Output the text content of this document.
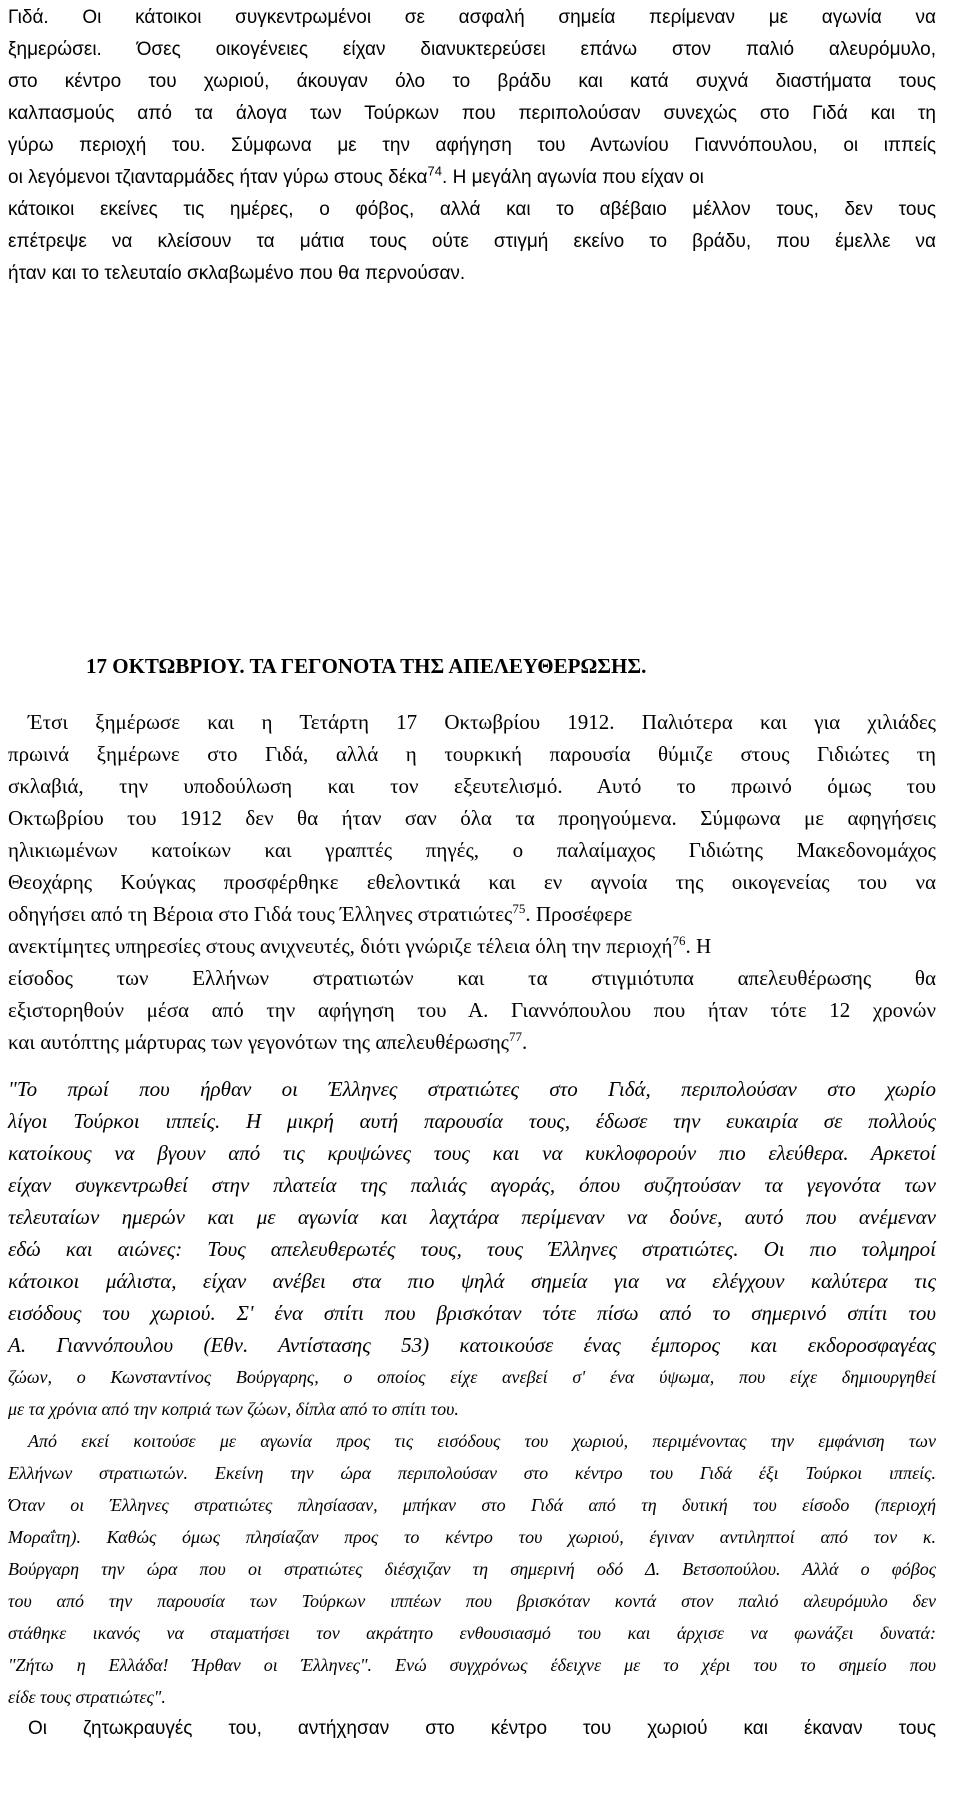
Γιδά. Οι κάτοικοι συγκεντρωμένοι σε ασφαλή σημεία περίμεναν με αγωνία να
ξημερώσει. Όσες οικογένειες είχαν διανυκτερεύσει επάνω στον παλιό αλευρόμυλο,
στο κέντρο του χωριού, άκουγαν όλο το βράδυ και κατά συχνά διαστήματα τους
καλπασμούς από τα άλογα των Τούρκων που περιπολούσαν συνεχώς στο Γιδά και τη
γύρω περιοχή του. Σύμφωνα με την αφήγηση του Αντωνίου Γιαννόπουλου, οι ιππείς
οι λεγόμενοι τζιανταρμάδες ήταν γύρω στους δέκα$^{74}$. Η μεγάλη αγωνία που είχαν οι
κάτοικοι εκείνες τις ημέρες, ο φόβος, αλλά και το αβέβαιο μέλλον τους, δεν τους
επέτρεψε να κλείσουν τα μάτια τους ούτε στιγμή εκείνο το βράδυ, που έμελλε να
ήταν και το τελευταίο σκλαβωμένο που θα περνούσαν.
17 ΟΚΤΩΒΡΙΟΥ. ΤΑ ΓΕΓΟΝΟΤΑ ΤΗΣ ΑΠΕΛΕΥΘΕΡΩΣΗΣ.
Έτσι ξημέρωσε και η Τετάρτη 17 Οκτωβρίου 1912. Παλιότερα και για χιλιάδες
πρωινά ξημέρωνε στο Γιδά, αλλά η τουρκική παρουσία θύμιζε στους Γιδιώτες τη
σκλαβιά, την υποδούλωση και τον εξευτελισμό. Αυτό το πρωινό όμως του
Οκτωβρίου του 1912 δεν θα ήταν σαν όλα τα προηγούμενα. Σύμφωνα με αφηγήσεις
ηλικιωμένων κατοίκων και γραπτές πηγές, ο παλαίμαχος Γιδιώτης Μακεδονομάχος
Θεοχάρης Κούγκας προσφέρθηκε εθελοντικά και εν αγνοία της οικογενείας του να
οδηγήσει από τη Βέροια στο Γιδά τους Έλληνες στρατιώτες$^{75}$. Προσέφερε
ανεκτίμητες υπηρεσίες στους ανιχνευτές, διότι γνώριζε τέλεια όλη την περιοχή$^{76}$. Η
είσοδος των Ελλήνων στρατιωτών και τα στιγμιότυπα απελευθέρωσης θα
εξιστορηθούν μέσα από την αφήγηση του Α. Γιαννόπουλου που ήταν τότε 12 χρονών
και αυτόπτης μάρτυρας των γεγονότων της απελευθέρωσης$^{77}$.
"Το πρωί που ήρθαν οι Έλληνες στρατιώτες στο Γιδά, περιπολούσαν στο χωρίο
λίγοι Τούρκοι ιππείς. Η μικρή αυτή παρουσία τους, έδωσε την ευκαιρία σε πολλούς
κατοίκους να βγουν από τις κρυψώνες τους και να κυκλοφορούν πιο ελεύθερα. Αρκετοί
είχαν συγκεντρωθεί στην πλατεία της παλιάς αγοράς, όπου συζητούσαν τα γεγονότα των
τελευταίων ημερών και με αγωνία και λαχτάρα περίμεναν να δούνε, αυτό που ανέμεναν
εδώ και αιώνες: Τους απελευθερωτές τους, τους Έλληνες στρατιώτες. Οι πιο τολμηροί
κάτοικοι μάλιστα, είχαν ανέβει στα πιο ψηλά σημεία για να ελέγχουν καλύτερα τις
εισόδους του χωριού. Σ' ένα σπίτι που βρισκόταν τότε πίσω από το σημερινό σπίτι του
Α. Γιαννόπουλου (Εθν. Αντίστασης 53) κατοικούσε ένας έμπορος και εκδοροσφαγέας
ζώων, ο Κωνσταντίνος Βούργαρης, ο οποίος είχε ανεβεί σ' ένα ύψωμα, που είχε δημιουργηθεί
με τα χρόνια από την κοπριά των ζώων, δίπλα από το σπίτι του.
Από εκεί κοιτούσε με αγωνία προς τις εισόδους του χωριού, περιμένοντας την εμφάνιση των
Ελλήνων στρατιωτών. Εκείνη την ώρα περιπολούσαν στο κέντρο του Γιδά έξι Τούρκοι ιππείς.
Όταν οι Έλληνες στρατιώτες πλησίασαν, μπήκαν στο Γιδά από τη δυτική του είσοδο (περιοχή
Μοραΐτη). Καθώς όμως πλησίαζαν προς το κέντρο του χωριού, έγιναν αντιληπτοί από τον κ.
Βούργαρη την ώρα που οι στρατιώτες διέσχιζαν τη σημερινή οδό Δ. Βετσοπούλου. Αλλά ο φόβος
του από την παρουσία των Τούρκων ιππέων που βρισκόταν κοντά στον παλιό αλευρόμυλο δεν
στάθηκε ικανός να σταματήσει τον ακράτητο ενθουσιασμό του και άρχισε να φωνάζει δυνατά:
"Ζήτω η Ελλάδα! Ήρθαν οι Έλληνες". Ενώ συγχρόνως έδειχνε με το χέρι του το σημείο που
είδε τους στρατιώτες".
Οι ζητωκραυγές του, αντήχησαν στο κέντρο του χωριού και έκαναν τους
